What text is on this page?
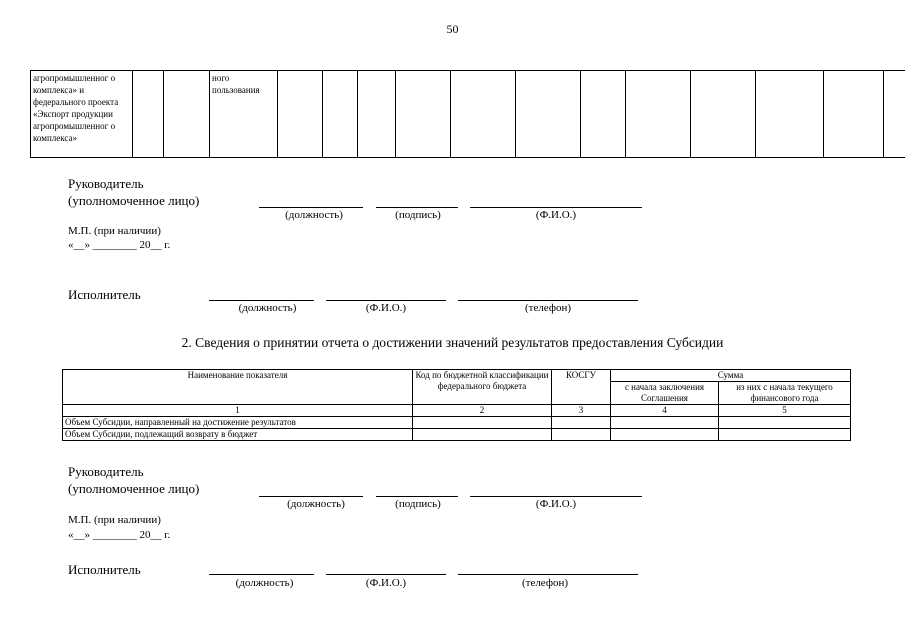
50
агропромышленног о комплекса» и федерального проекта «Экспорт продукции агропромышленног о комплекса»			ного пользования													
Руководитель
(уполномоченное лицо)
(должность)	(подпись)	(Ф.И.О.)
М.П. (при наличии)
«__» ________ 20__ г.
Исполнитель
(должность)	(Ф.И.О.)	(телефон)
2. Сведения о принятии отчета о достижении значений результатов предоставления Субсидии
Наименование показателя	Код по бюджетной классификации федерального бюджета	КОСГУ	Сумма	
			с начала заключения Соглашения	из них с начала текущего финансового года
1	2	3	4	5
Объем Субсидии, направленный на достижение результатов				
Объем Субсидии, подлежащий возврату в бюджет				
Руководитель
(уполномоченное лицо)
(должность)	(подпись)	(Ф.И.О.)
М.П. (при наличии)
«__» ________ 20__ г.
Исполнитель
(должность)	(Ф.И.О.)	(телефон)
